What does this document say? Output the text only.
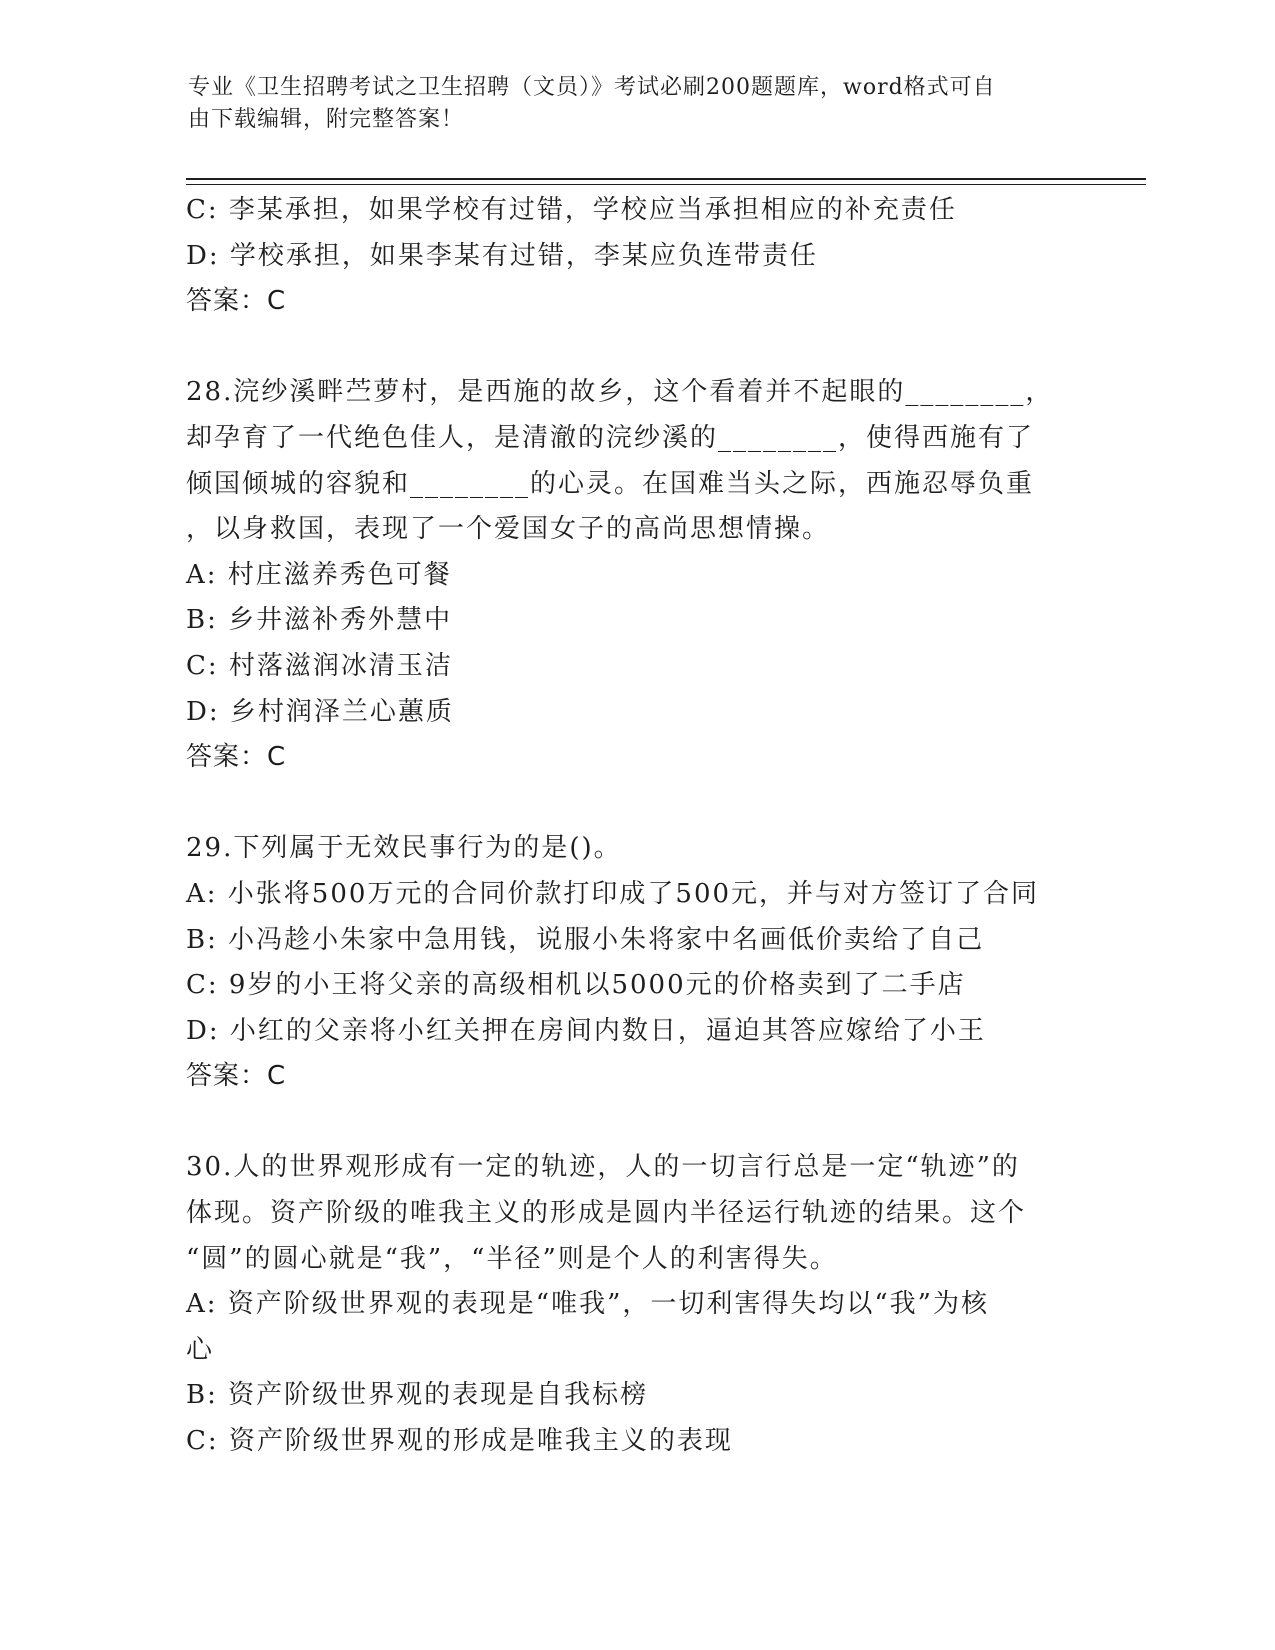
专业《卫生招聘考试之卫生招聘（文员）》考试必刷200题题库，word格式可自
由下载编辑，附完整答案！
C: 李某承担，如果学校有过错，学校应当承担相应的补充责任
D: 学校承担，如果李某有过错，李某应负连带责任
答案：C
28.浣纱溪畔苎萝村，是西施的故乡，这个看着并不起眼的________，
却孕育了一代绝色佳人，是清澈的浣纱溪的________，使得西施有了
倾国倾城的容貌和________的心灵。在国难当头之际，西施忍辱负重
，以身救国，表现了一个爱国女子的高尚思想情操。
A: 村庄滋养秀色可餐
B: 乡井滋补秀外慧中
C: 村落滋润冰清玉洁
D: 乡村润泽兰心蕙质
答案：C
29.下列属于无效民事行为的是()。
A: 小张将500万元的合同价款打印成了500元，并与对方签订了合同
B: 小冯趁小朱家中急用钱，说服小朱将家中名画低价卖给了自己
C: 9岁的小王将父亲的高级相机以5000元的价格卖到了二手店
D: 小红的父亲将小红关押在房间内数日，逼迫其答应嫁给了小王
答案：C
30.人的世界观形成有一定的轨迹，人的一切言行总是一定“轨迹”的
体现。资产阶级的唯我主义的形成是圆内半径运行轨迹的结果。这个
“圆”的圆心就是“我”，“半径”则是个人的利害得失。
A: 资产阶级世界观的表现是“唯我”，一切利害得失均以“我”为核
心
B: 资产阶级世界观的表现是自我标榜
C: 资产阶级世界观的形成是唯我主义的表现
